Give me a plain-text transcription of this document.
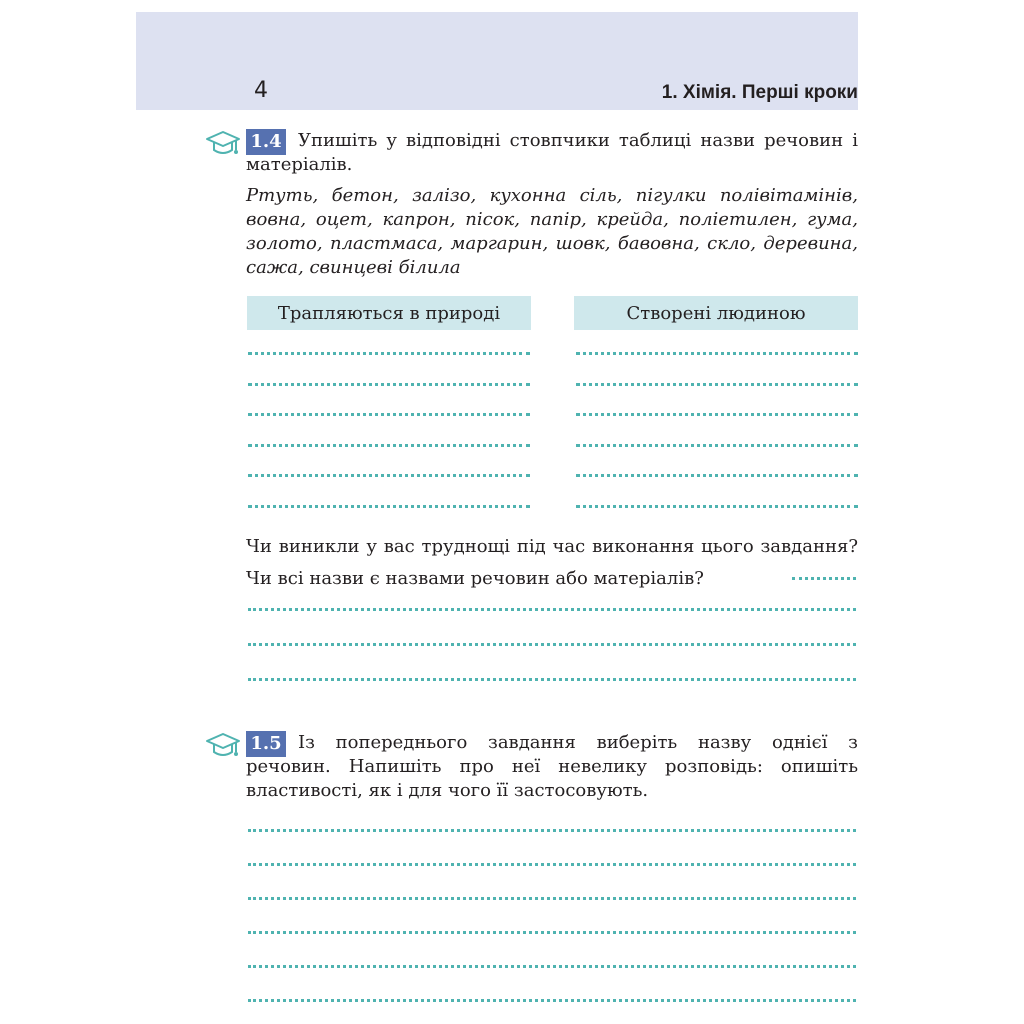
4	1. Хімія. Перші кроки
1.4 Упишіть у відповідні стовпчики таблиці назви речовин і матеріалів.
Ртуть, бетон, залізо, кухонна сіль, пігулки полівітамінів, вовна, оцет, капрон, пісок, папір, крейда, поліетилен, гума, золото, пластмаса, маргарин, шовк, бавовна, скло, деревина, сажа, свинцеві білила
Трапляються в природі	Створені людиною
Чи виникли у вас труднощі під час виконання цього завдання? Чи всі назви є назвами речовин або матеріалів?
1.5 Із попереднього завдання виберіть назву однієї з речовин. Напишіть про неї невелику розповідь: опишіть властивості, як і для чого її застосовують.
